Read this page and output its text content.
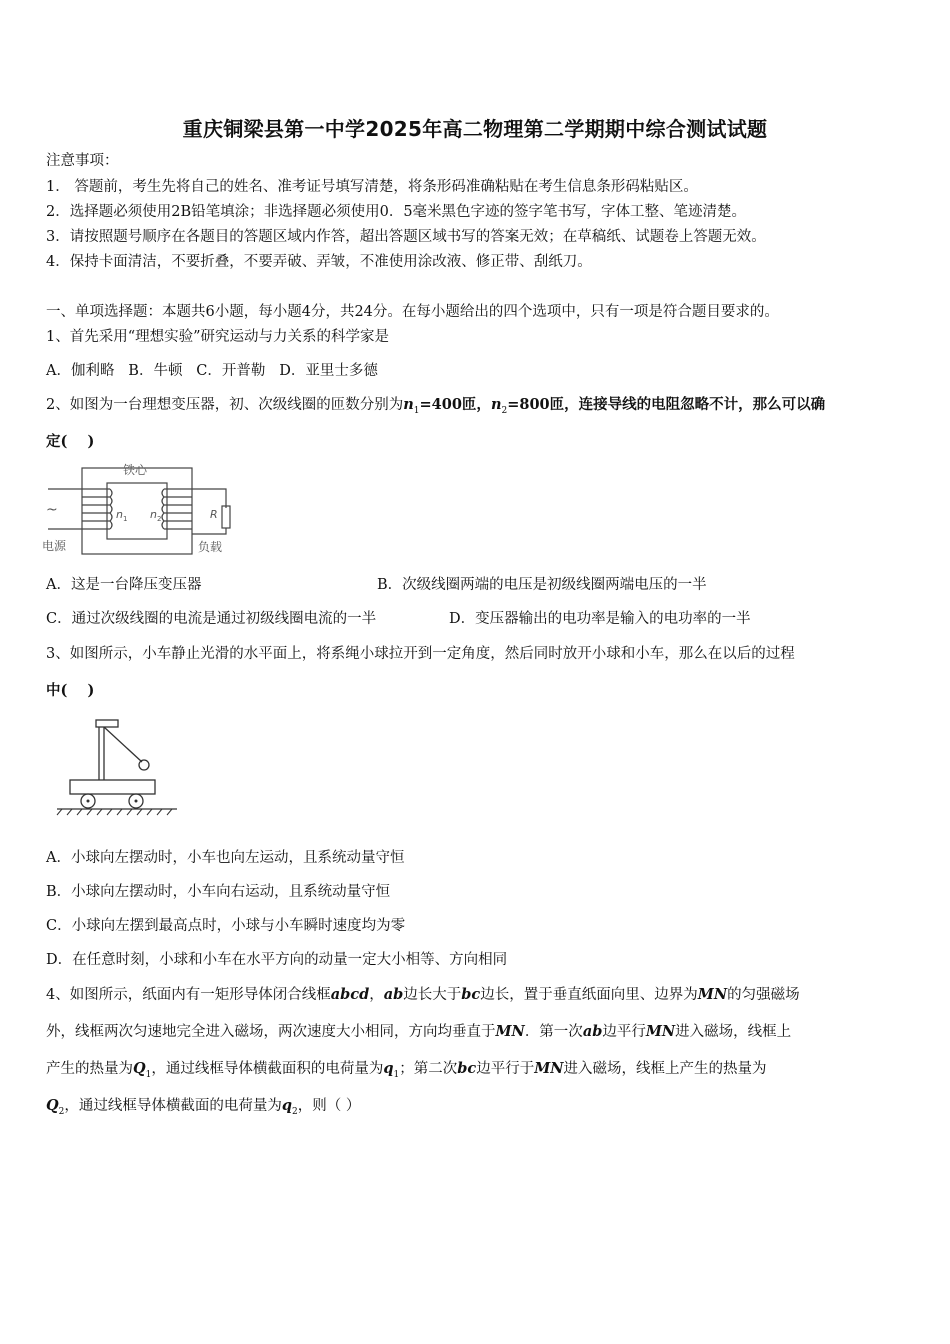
重庆铜梁县第一中学2025年高二物理第二学期期中综合测试试题
注意事项：
1． 答题前，考生先将自己的姓名、准考证号填写清楚，将条形码准确粘贴在考生信息条形码粘贴区。
2．选择题必须使用2B铅笔填涂；非选择题必须使用0．5毫米黑色字迹的签字笔书写，字体工整、笔迹清楚。
3．请按照题号顺序在各题目的答题区域内作答，超出答题区域书写的答案无效；在草稿纸、试题卷上答题无效。
4．保持卡面清洁，不要折叠，不要弄破、弄皱，不准使用涂改液、修正带、刮纸刀。
一、单项选择题：本题共6小题，每小题4分，共24分。在每小题给出的四个选项中，只有一项是符合题目要求的。
1、首先采用“理想实验”研究运动与力关系的科学家是
A．伽利略   B．牛顿   C．开普勒   D．亚里士多德
2、如图为一台理想变压器，初、次级线圈的匝数分别为$n_1=400$匝，$n_2=800$匝，连接导线的电阻忽略不计，那么可以确
定(    )
铁心
~
电源	负载
n 1 n 2	R
A．这是一台降压变压器	B．次级线圈两端的电压是初级线圈两端电压的一半
C．通过次级线圈的电流是通过初级线圈电流的一半	D．变压器输出的电功率是输入的电功率的一半
3、如图所示，小车静止光滑的水平面上，将系绳小球拉开到一定角度，然后同时放开小球和小车，那么在以后的过程
中(    )
A．小球向左摆动时，小车也向左运动，且系统动量守恒
B．小球向左摆动时，小车向右运动，且系统动量守恒
C．小球向左摆到最高点时，小球与小车瞬时速度均为零
D．在任意时刻，小球和小车在水平方向的动量一定大小相等、方向相同
4、如图所示，纸面内有一矩形导体闭合线框abcd，ab边长大于bc边长，置于垂直纸面向里、边界为MN的匀强磁场
外，线框两次匀速地完全进入磁场，两次速度大小相同，方向均垂直于MN．第一次ab边平行MN进入磁场，线框上
产生的热量为$Q_1$，通过线框导体横截面积的电荷量为$q_1$；第二次bc边平行于MN进入磁场，线框上产生的热量为
$Q_2$，通过线框导体横截面的电荷量为$q_2$，则（ ）
